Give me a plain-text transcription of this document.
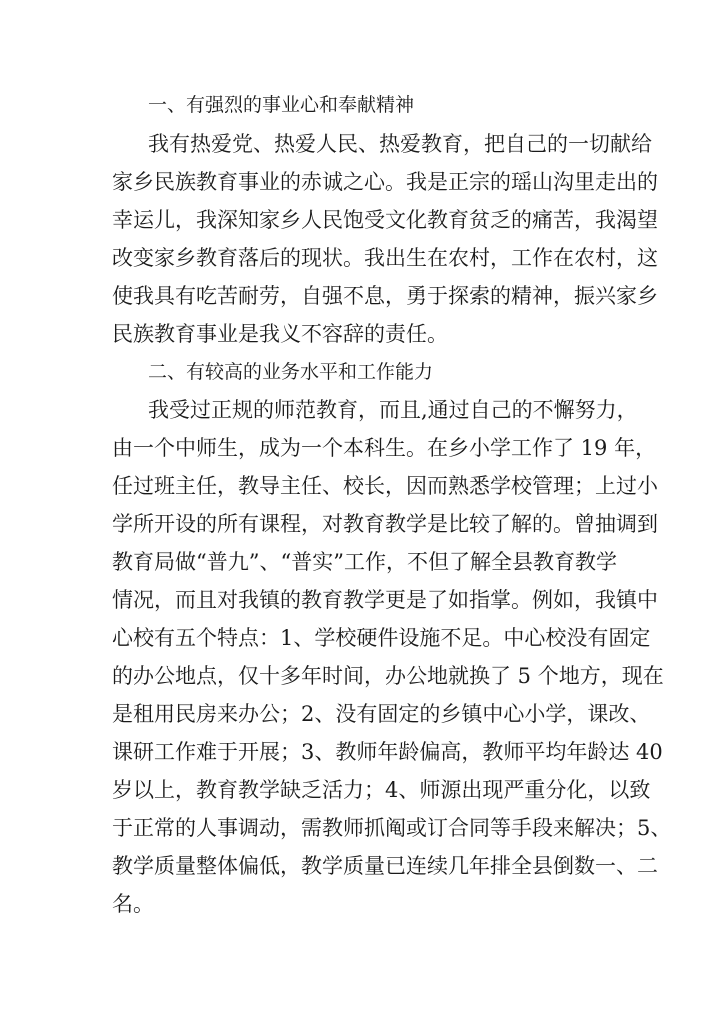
一、有强烈的事业心和奉献精神

我有热爱党、热爱人民、热爱教育，把自己的一切献给

家乡民族教育事业的赤诚之心。我是正宗的瑶山沟里走出的

幸运儿，我深知家乡人民饱受文化教育贫乏的痛苦，我渴望

改变家乡教育落后的现状。我出生在农村，工作在农村，这

使我具有吃苦耐劳，自强不息，勇于探索的精神，振兴家乡

民族教育事业是我义不容辞的责任。

二、有较高的业务水平和工作能力

我受过正规的师范教育，而且,通过自己的不懈努力，

由一个中师生，成为一个本科生。在乡小学工作了 19 年，

任过班主任，教导主任、校长，因而熟悉学校管理；上过小

学所开设的所有课程，对教育教学是比较了解的。曾抽调到

教育局做“普九”、“普实”工作，不但了解全县教育教学

情况，而且对我镇的教育教学更是了如指掌。例如，我镇中

心校有五个特点：1、学校硬件设施不足。中心校没有固定

的办公地点，仅十多年时间，办公地就换了 5 个地方，现在

是租用民房来办公；2、没有固定的乡镇中心小学，课改、

课研工作难于开展；3、教师年龄偏高，教师平均年龄达 40

岁以上，教育教学缺乏活力；4、师源出现严重分化，以致

于正常的人事调动，需教师抓阄或订合同等手段来解决；5、

教学质量整体偏低，教学质量已连续几年排全县倒数一、二

名。
